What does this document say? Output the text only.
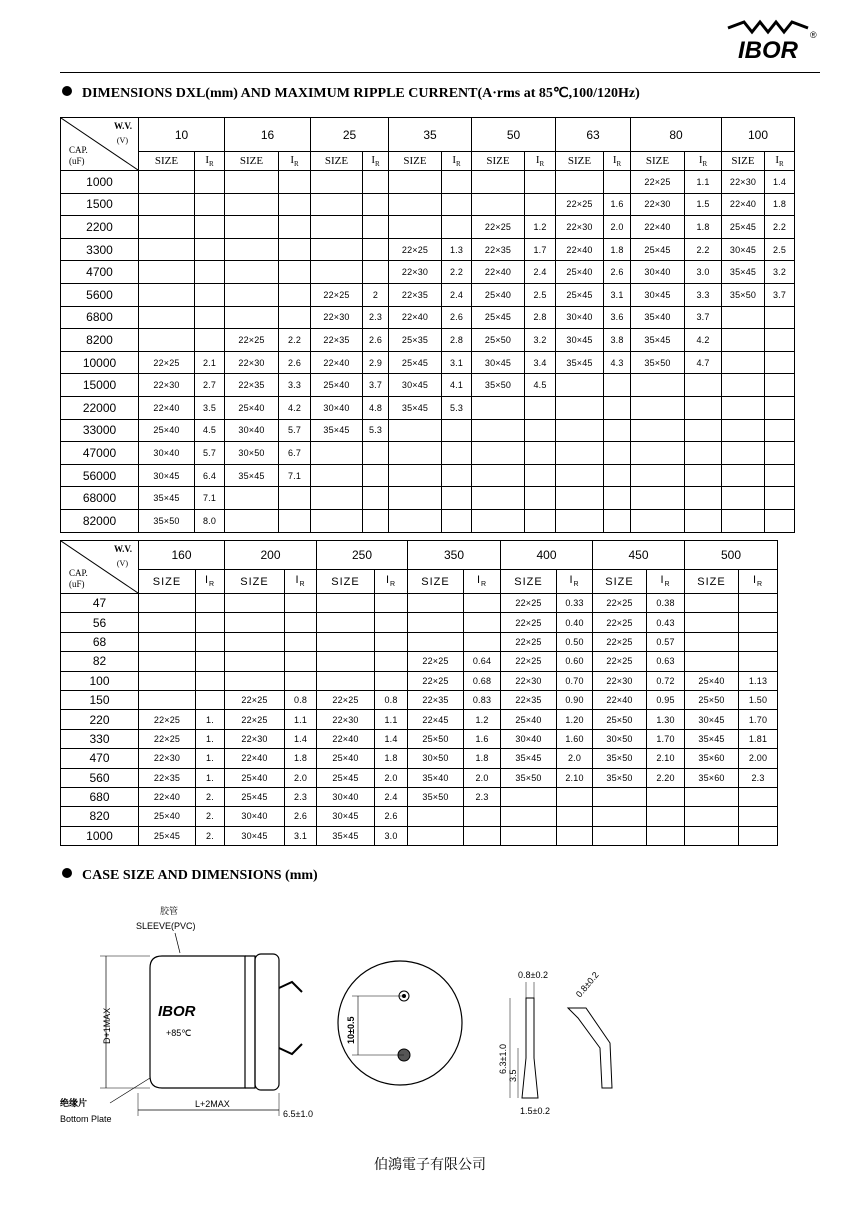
IBOR
®
DIMENSIONS DXL(mm) AND MAXIMUM RIPPLE CURRENT(A·rms at 85℃,100/120Hz)
W.V.
(V)
CAP.
(uF)	10		16		25		35		50		63		80		100	
	SIZE	$I_R$	SIZE	$I_R$	SIZE	$I_R$	SIZE	$I_R$	SIZE	$I_R$	SIZE	$I_R$	SIZE	$I_R$	SIZE	$I_R$
1000													22×25	1.1	22×30	1.4
1500											22×25	1.6	22×30	1.5	22×40	1.8
2200									22×25	1.2	22×30	2.0	22×40	1.8	25×45	2.2
3300							22×25	1.3	22×35	1.7	22×40	1.8	25×45	2.2	30×45	2.5
4700							22×30	2.2	22×40	2.4	25×40	2.6	30×40	3.0	35×45	3.2
5600					22×25	2	22×35	2.4	25×40	2.5	25×45	3.1	30×45	3.3	35×50	3.7
6800					22×30	2.3	22×40	2.6	25×45	2.8	30×40	3.6	35×40	3.7		
8200			22×25	2.2	22×35	2.6	25×35	2.8	25×50	3.2	30×45	3.8	35×45	4.2		
10000	22×25	2.1	22×30	2.6	22×40	2.9	25×45	3.1	30×45	3.4	35×45	4.3	35×50	4.7		
15000	22×30	2.7	22×35	3.3	25×40	3.7	30×45	4.1	35×50	4.5						
22000	22×40	3.5	25×40	4.2	30×40	4.8	35×45	5.3								
33000	25×40	4.5	30×40	5.7	35×45	5.3										
47000	30×40	5.7	30×50	6.7												
56000	30×45	6.4	35×45	7.1												
68000	35×45	7.1														
82000	35×50	8.0														
W.V.
(V)
CAP.
(uF)	160		200		250		350		400		450		500	
	SIZE	$I_R$	SIZE	$I_R$	SIZE	$I_R$	SIZE	$I_R$	SIZE	$I_R$	SIZE	$I_R$	SIZE	$I_R$
47									22×25	0.33	22×25	0.38		
56									22×25	0.40	22×25	0.43		
68									22×25	0.50	22×25	0.57		
82							22×25	0.64	22×25	0.60	22×25	0.63		
100							22×25	0.68	22×30	0.70	22×30	0.72	25×40	1.13
150			22×25	0.8	22×25	0.8	22×35	0.83	22×35	0.90	22×40	0.95	25×50	1.50
220	22×25	1.	22×25	1.1	22×30	1.1	22×45	1.2	25×40	1.20	25×50	1.30	30×45	1.70
330	22×25	1.	22×30	1.4	22×40	1.4	25×50	1.6	30×40	1.60	30×50	1.70	35×45	1.81
470	22×30	1.	22×40	1.8	25×40	1.8	30×50	1.8	35×45	2.0	35×50	2.10	35×60	2.00
560	22×35	1.	25×40	2.0	25×45	2.0	35×40	2.0	35×50	2.10	35×50	2.20	35×60	2.3
680	22×40	2.	25×45	2.3	30×40	2.4	35×50	2.3						
820	25×40	2.	30×40	2.6	30×45	2.6								
1000	25×45	2.	30×45	3.1	35×45	3.0								
CASE SIZE AND DIMENSIONS (mm)
胶管
SLEEVE(PVC)
IBOR
+85℃
D+1MAX
L+2MAX
6.5±1.0
绝缘片
Bottom Plate
10±0.5
0.8±0.2
6.3±1.0
3.5
1.5±0.2
0.8±0.2
伯鴻電子有限公司
